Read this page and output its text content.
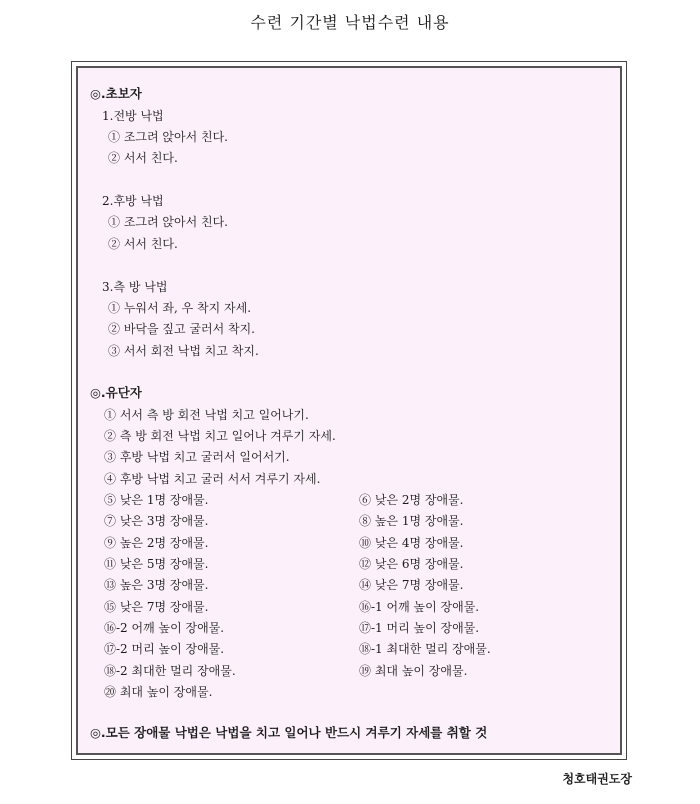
수련 기간별 낙법수련 내용
◎.초보자
1.전방 낙법
① 조그려 앉아서 친다.
② 서서 친다.
2.후방 낙법
① 조그려 앉아서 친다.
② 서서 친다.
3.측 방 낙법
① 누워서 좌, 우 착지 자세.
② 바닥을 짚고 굴러서 착지.
③ 서서 회전 낙법 치고 착지.
◎.유단자
① 서서 측 방 회전 낙법 치고 일어나기.
② 측 방 회전 낙법 치고 일어나 겨루기 자세.
③ 후방 낙법 치고 굴러서 일어서기.
④ 후방 낙법 치고 굴러 서서 겨루기 자세.
⑤ 낮은 1명 장애물.
⑦ 낮은 3명 장애물.
⑨ 높은 2명 장애물.
⑪ 낮은 5명 장애물.
⑬ 높은 3명 장애물.
⑮ 낮은 7명 장애물.
⑯-2 어깨 높이 장애물.
⑰-2 머리 높이 장애물.
⑱-2 최대한 멀리 장애물.
⑳ 최대 높이 장애물.
⑥ 낮은 2명 장애물.
⑧ 높은 1명 장애물.
⑩ 낮은 4명 장애물.
⑫ 낮은 6명 장애물.
⑭ 낮은 7명 장애물.
⑯-1 어깨 높이 장애물.
⑰-1 머리 높이 장애물.
⑱-1 최대한 멀리 장애물.
⑲ 최대 높이 장애물.
◎.모든 장애물 낙법은 낙법을 치고 일어나 반드시 겨루기 자세를 취할 것
청호태권도장
